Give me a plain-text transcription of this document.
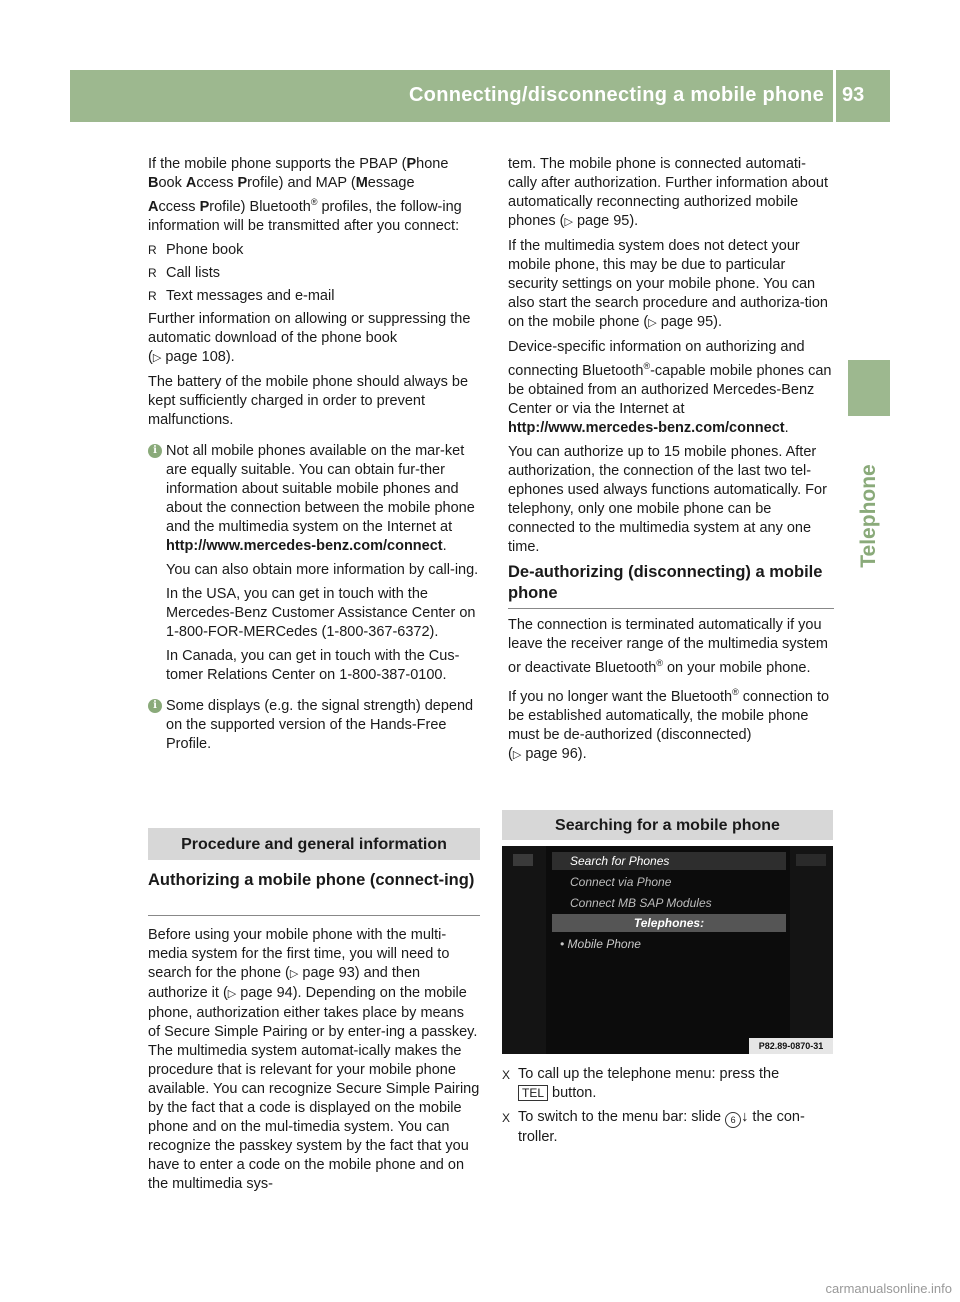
Connecting/disconnecting a mobile phone 93
Telephone

If the mobile phone supports the PBAP (Phone
Book Access Profile) and MAP (Message
Access Profile) Bluetooth® profiles, the follow-ing information will be transmitted after you connect:

R Phone book
R Call lists
R Text messages and e-mail

Further information on allowing or suppressing the automatic download of the phone book
(▷ page 108).

The battery of the mobile phone should always be kept sufficiently charged in order to prevent malfunctions.

i Not all mobile phones available on the mar-ket are equally suitable. You can obtain fur-ther information about suitable mobile phones and about the connection between the mobile phone and the multimedia system on the Internet at http://www.mercedes-benz.com/connect.

You can also obtain more information by call-ing.

In the USA, you can get in touch with the Mercedes-Benz Customer Assistance Center on 1-800-FOR-MERCedes (1-800-367-6372).

In Canada, you can get in touch with the Cus-tomer Relations Center on 1-800-387-0100.

i Some displays (e.g. the signal strength) depend on the supported version of the Hands-Free Profile.

Procedure and general information
Authorizing a mobile phone (connect-ing)

Before using your mobile phone with the multi-media system for the first time, you will need to search for the phone (▷ page 93) and then authorize it (▷ page 94). Depending on the mobile phone, authorization either takes place by means of Secure Simple Pairing or by enter-ing a passkey. The multimedia system automat-ically makes the procedure that is relevant for your mobile phone available. You can recognize Secure Simple Pairing by the fact that a code is displayed on the mobile phone and on the mul-timedia system. You can recognize the passkey system by the fact that you have to enter a code on the mobile phone and on the multimedia sys-

tem. The mobile phone is connected automati-cally after authorization. Further information about automatically reconnecting authorized mobile phones (▷ page 95).

If the multimedia system does not detect your mobile phone, this may be due to particular security settings on your mobile phone. You can also start the search procedure and authoriza-tion on the mobile phone (▷ page 95).

Device-specific information on authorizing and connecting Bluetooth®-capable mobile phones can be obtained from an authorized Mercedes-Benz Center or via the Internet at http://www.mercedes-benz.com/connect.

You can authorize up to 15 mobile phones. After authorization, the connection of the last two tel-ephones used always functions automatically. For telephony, only one mobile phone can be connected to the multimedia system at any one time.

De-authorizing (disconnecting) a mobile phone

The connection is terminated automatically if you leave the receiver range of the multimedia system or deactivate Bluetooth® on your mobile phone.

If you no longer want the Bluetooth® connection to be established automatically, the mobile phone must be de-authorized (disconnected)
(▷ page 96).

Searching for a mobile phone
Search for Phones
Connect via Phone
Connect MB SAP Modules
Telephones:
• Mobile Phone
P82.89-0870-31
X To call up the telephone menu: press the
TEL button.
X To switch to the menu bar: slide 6 ↓ the con-troller.
carmanualsonline.info
